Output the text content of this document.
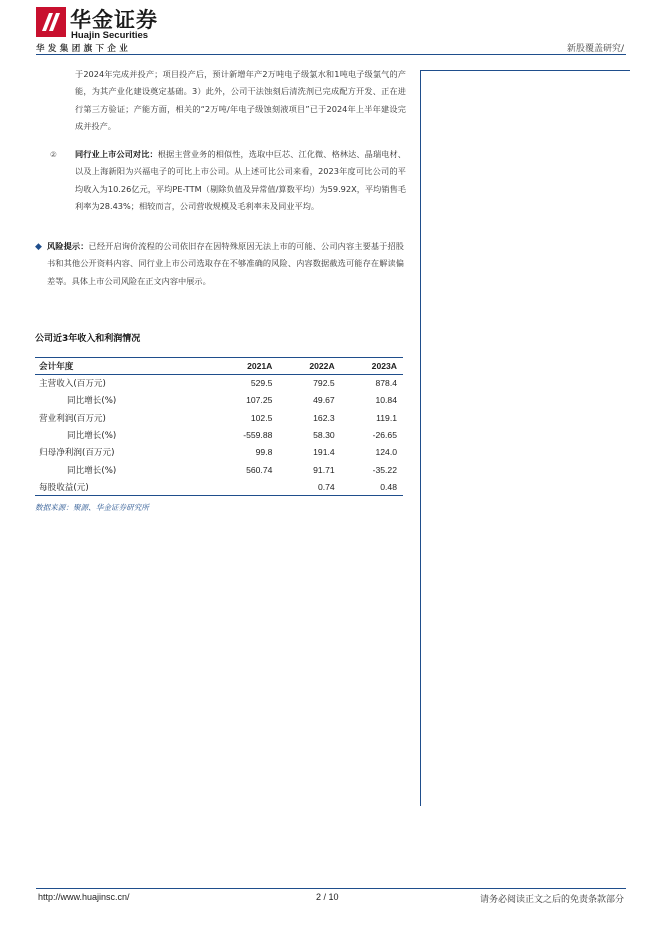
华金证券
Huajin Securities
华发集团旗下企业	新股覆盖研究/

于2024年完成并投产；项目投产后，预计新增年产2万吨电子级氯水和1吨电子级氯气的产能，为其产业化建设奠定基础。3）此外，公司干法蚀刻后清洗剂已完成配方开发、正在进行第三方验证；产能方面，相关的“2万吨/年电子级蚀刻液项目”已于2024年上半年建设完成并投产。

② 同行业上市公司对比：根据主营业务的相似性，选取中巨芯、江化微、格林达、晶瑞电材、以及上海新阳为兴福电子的可比上市公司。从上述可比公司来看，2023年度可比公司的平均收入为10.26亿元，平均PE-TTM（剔除负值及异常值/算数平均）为59.92X，平均销售毛利率为28.43%；相较而言，公司营收规模及毛利率未及同业平均。

◆ 风险提示：已经开启询价流程的公司依旧存在因特殊原因无法上市的可能、公司内容主要基于招股书和其他公开资料内容、同行业上市公司选取存在不够准确的风险、内容数据截选可能存在解读偏差等。具体上市公司风险在正文内容中展示。

公司近3年收入和利润情况
会计年度	2021A	2022A	2023A
主营收入(百万元)	529.5	792.5	878.4
同比增长(%)	107.25	49.67	10.84
营业利润(百万元)	102.5	162.3	119.1
同比增长(%)	-559.88	58.30	-26.65
归母净利润(百万元)	99.8	191.4	124.0
同比增长(%)	560.74	91.71	-35.22
每股收益(元)		0.74	0.48
数据来源：聚源、华金证券研究所
http://www.huajinsc.cn/	2 / 10	请务必阅读正文之后的免责条款部分
